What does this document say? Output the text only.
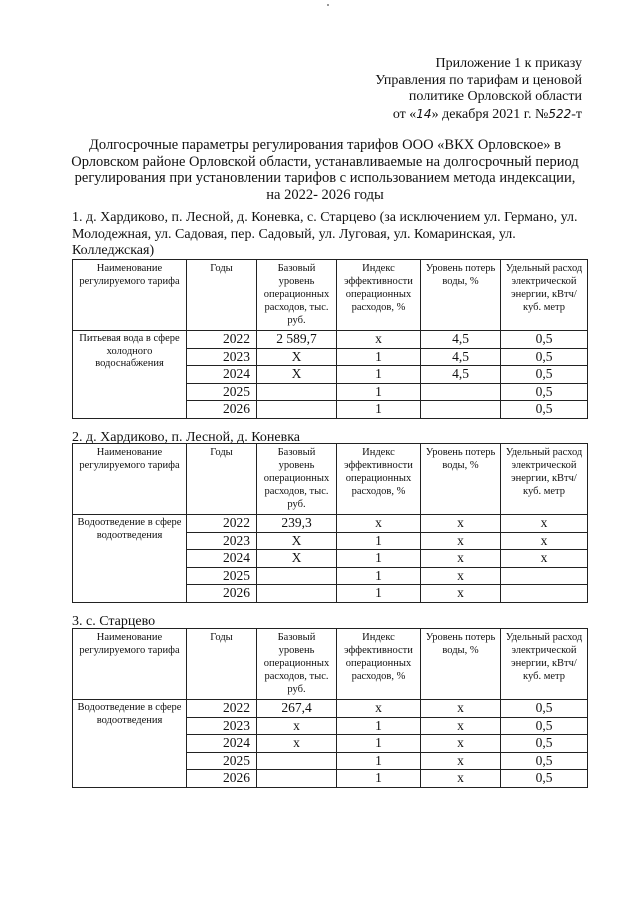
Приложение 1 к приказу
Управления по тарифам и ценовой
политике Орловской области
от «14» декабря 2021 г. №522-т
Долгосрочные параметры регулирования тарифов ООО «ВКХ Орловское» в
Орловском районе Орловской области, устанавливаемые на долгосрочный период
регулирования при установлении тарифов с использованием метода индексации,
на 2022- 2026 годы
1. д. Хардиково, п. Лесной, д. Коневка, с. Старцево (за исключением ул. Германо, ул. Молодежная, ул. Садовая, пер. Садовый, ул. Луговая, ул. Комаринская, ул. Колледжская)
Наименование регулируемого тарифа	Годы	Базовый уровень операционных расходов, тыс. руб.	Индекс эффективности операционных расходов, %	Уровень потерь воды, %	Удельный расход электрической энергии, кВтч/куб. метр
Питьевая вода в сфере холодного водоснабжения	2022	2 589,7	х	4,5	0,5
	2023	Х	1	4,5	0,5
	2024	Х	1	4,5	0,5
	2025		1		0,5
	2026		1		0,5
2. д. Хардиково, п. Лесной, д. Коневка
Наименование регулируемого тарифа	Годы	Базовый уровень операционных расходов, тыс. руб.	Индекс эффективности операционных расходов, %	Уровень потерь воды, %	Удельный расход электрической энергии, кВтч/куб. метр
Водоотведение в сфере водоотведения	2022	239,3	х	х	х
	2023	Х	1	х	х
	2024	Х	1	х	х
	2025		1	х	
	2026		1	х	
3. с. Старцево
Наименование регулируемого тарифа	Годы	Базовый уровень операционных расходов, тыс. руб.	Индекс эффективности операционных расходов, %	Уровень потерь воды, %	Удельный расход электрической энергии, кВтч/куб. метр
Водоотведение в сфере водоотведения	2022	267,4	х	х	0,5
	2023	х	1	х	0,5
	2024	х	1	х	0,5
	2025		1	х	0,5
	2026		1	х	0,5
